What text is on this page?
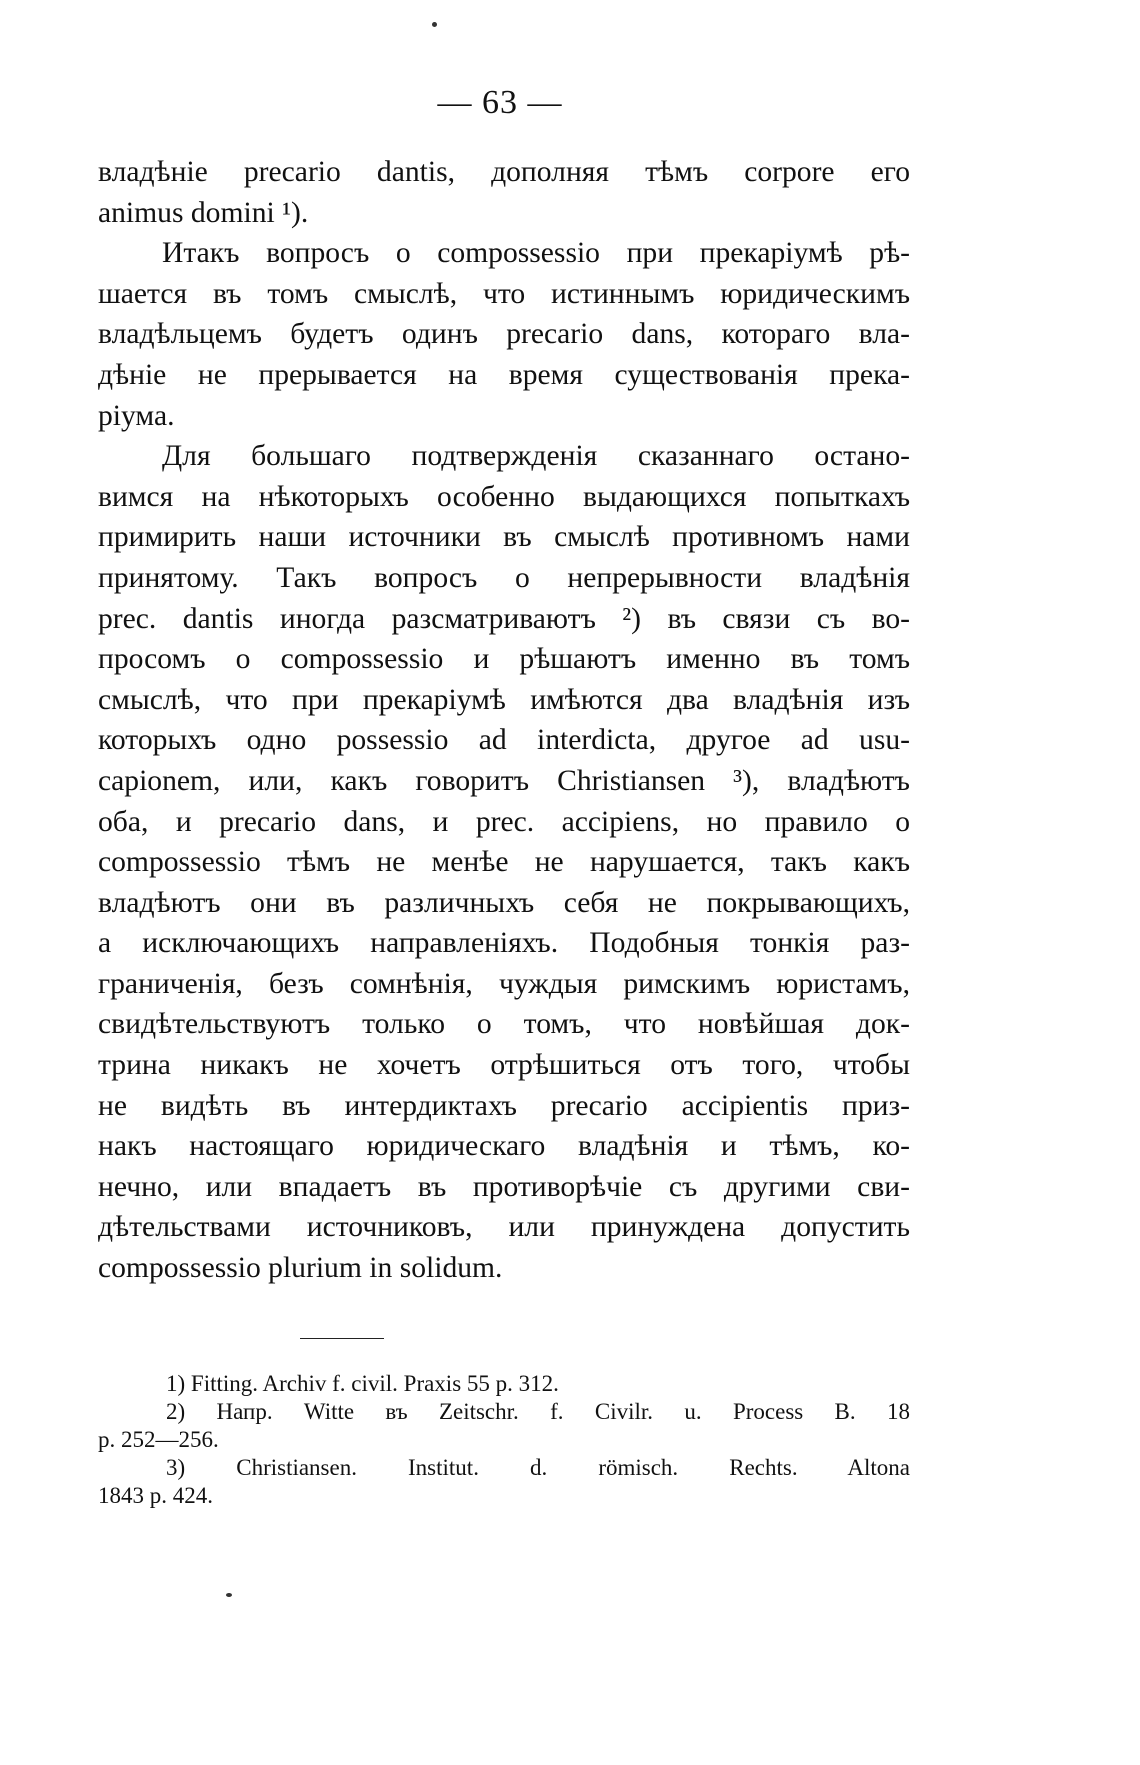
— 63 —

владѣніе precario dantis, дополняя тѣмъ corpore его
animus domini ¹).

Итакъ вопросъ о compossessio при прекаріумѣ рѣ-
шается въ томъ смыслѣ, что истиннымъ юридическимъ
владѣльцемъ будетъ одинъ precario dans, котораго вла-
дѣніе не прерывается на время существованія прека-
ріума.

Для большаго подтвержденія сказаннаго остано-
вимся на нѣкоторыхъ особенно выдающихся попыткахъ
примирить наши источники въ смыслѣ противномъ нами
принятому. Такъ вопросъ о непрерывности владѣнія
prec. dantis иногда разсматриваютъ ²) въ связи съ во-
просомъ о compossessio и рѣшаютъ именно въ томъ
смыслѣ, что при прекаріумѣ имѣются два владѣнія изъ
которыхъ одно possessio ad interdicta, другое ad usu-
capionem, или, какъ говоритъ Christiansen ³), владѣютъ
оба, и precario dans, и prec. accipiens, но правило о
compossessio тѣмъ не менѣе не нарушается, такъ какъ
владѣютъ они въ различныхъ себя не покрывающихъ,
а исключающихъ направленіяхъ. Подобныя тонкія раз-
граниченія, безъ сомнѣнія, чуждыя римскимъ юристамъ,
свидѣтельствуютъ только о томъ, что новѣйшая док-
трина никакъ не хочетъ отрѣшиться отъ того, чтобы
не видѣть въ интердиктахъ precario accipientis приз-
накъ настоящаго юридическаго владѣнія и тѣмъ, ко-
нечно, или впадаетъ въ противорѣчіе съ другими сви-
дѣтельствами источниковъ, или принуждена допустить
compossessio plurium in solidum.

1) Fitting. Archiv f. civil. Praxis 55 p. 312.

2) Напр. Witte въ Zeitschr. f. Civilr. u. Process B. 18
p. 252—256.

3) Christiansen. Institut. d. römisch. Rechts. Altona
1843 p. 424.
